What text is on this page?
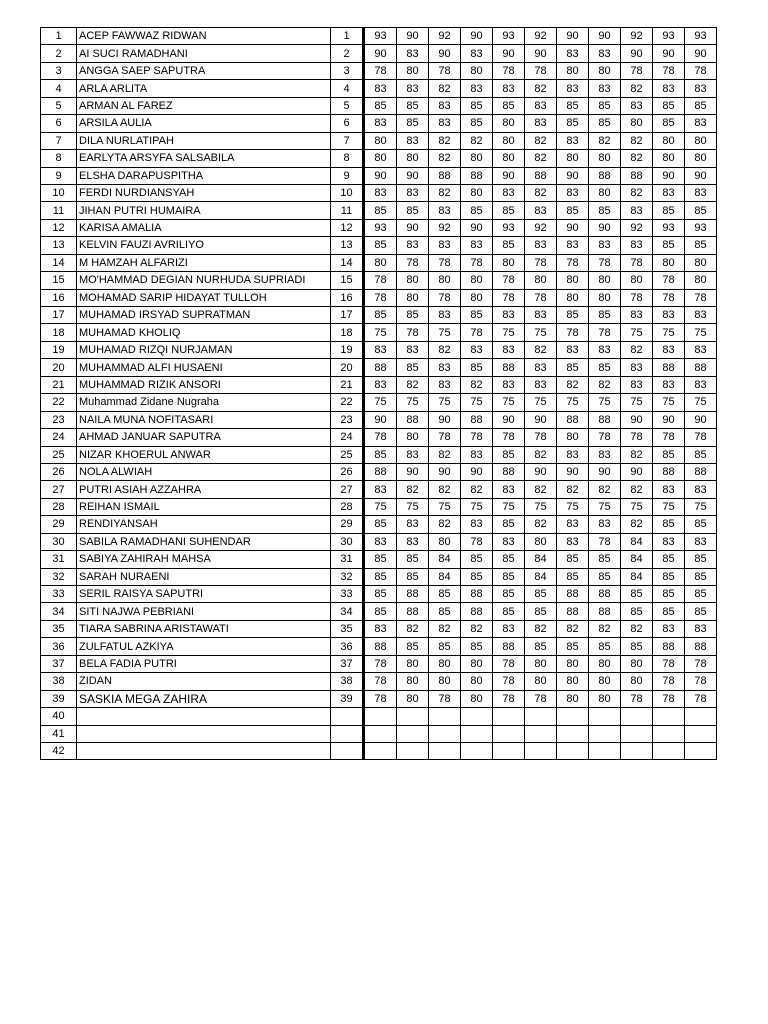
1	ACEP FAWWAZ RIDWAN	1	93	90	92	90	93	92	90	90	92	93	93
2	AI SUCI RAMADHANI	2	90	83	90	83	90	90	83	83	90	90	90
3	ANGGA SAEP SAPUTRA	3	78	80	78	80	78	78	80	80	78	78	78
4	ARLA ARLITA	4	83	83	82	83	83	82	83	83	82	83	83
5	ARMAN AL FAREZ	5	85	85	83	85	85	83	85	85	83	85	85
6	ARSILA AULIA	6	83	85	83	85	80	83	85	85	80	85	83
7	DILA NURLATIPAH	7	80	83	82	82	80	82	83	82	82	80	80
8	EARLYTA ARSYFA SALSABILA	8	80	80	82	80	80	82	80	80	82	80	80
9	ELSHA DARAPUSPITHA	9	90	90	88	88	90	88	90	88	88	90	90
10	FERDI NURDIANSYAH	10	83	83	82	80	83	82	83	80	82	83	83
11	JIHAN PUTRI HUMAIRA	11	85	85	83	85	85	83	85	85	83	85	85
12	KARISA AMALIA	12	93	90	92	90	93	92	90	90	92	93	93
13	KELVIN FAUZI AVRILIYO	13	85	83	83	83	85	83	83	83	83	85	85
14	M HAMZAH ALFARIZI	14	80	78	78	78	80	78	78	78	78	80	80
15	MO'HAMMAD DEGIAN NURHUDA SUPRIADI	15	78	80	80	80	78	80	80	80	80	78	80
16	MOHAMAD SARIP HIDAYAT TULLOH	16	78	80	78	80	78	78	80	80	78	78	78
17	MUHAMAD IRSYAD SUPRATMAN	17	85	85	83	85	83	83	85	85	83	83	83
18	MUHAMAD KHOLIQ	18	75	78	75	78	75	75	78	78	75	75	75
19	MUHAMAD RIZQI NURJAMAN	19	83	83	82	83	83	82	83	83	82	83	83
20	MUHAMMAD ALFI HUSAENI	20	88	85	83	85	88	83	85	85	83	88	88
21	MUHAMMAD RIZIK ANSORI	21	83	82	83	82	83	83	82	82	83	83	83
22	Muhammad Zidane Nugraha	22	75	75	75	75	75	75	75	75	75	75	75
23	NAILA MUNA NOFITASARI	23	90	88	90	88	90	90	88	88	90	90	90
24	AHMAD JANUAR SAPUTRA	24	78	80	78	78	78	78	80	78	78	78	78
25	NIZAR KHOERUL ANWAR	25	85	83	82	83	85	82	83	83	82	85	85
26	NOLA ALWIAH	26	88	90	90	90	88	90	90	90	90	88	88
27	PUTRI ASIAH AZZAHRA	27	83	82	82	82	83	82	82	82	82	83	83
28	REIHAN ISMAIL	28	75	75	75	75	75	75	75	75	75	75	75
29	RENDIYANSAH	29	85	83	82	83	85	82	83	83	82	85	85
30	SABILA RAMADHANI SUHENDAR	30	83	83	80	78	83	80	83	78	84	83	83
31	SABIYA ZAHIRAH MAHSA	31	85	85	84	85	85	84	85	85	84	85	85
32	SARAH NURAENI	32	85	85	84	85	85	84	85	85	84	85	85
33	SERIL RAISYA SAPUTRI	33	85	88	85	88	85	85	88	88	85	85	85
34	SITI NAJWA PEBRIANI	34	85	88	85	88	85	85	88	88	85	85	85
35	TIARA SABRINA ARISTAWATI	35	83	82	82	82	83	82	82	82	82	83	83
36	ZULFATUL AZKIYA	36	88	85	85	85	88	85	85	85	85	88	88
37	BELA FADIA PUTRI	37	78	80	80	80	78	80	80	80	80	78	78
38	ZIDAN	38	78	80	80	80	78	80	80	80	80	78	78
39	SASKIA MEGA ZAHIRA	39	78	80	78	80	78	78	80	80	78	78	78
40													
41													
42													
